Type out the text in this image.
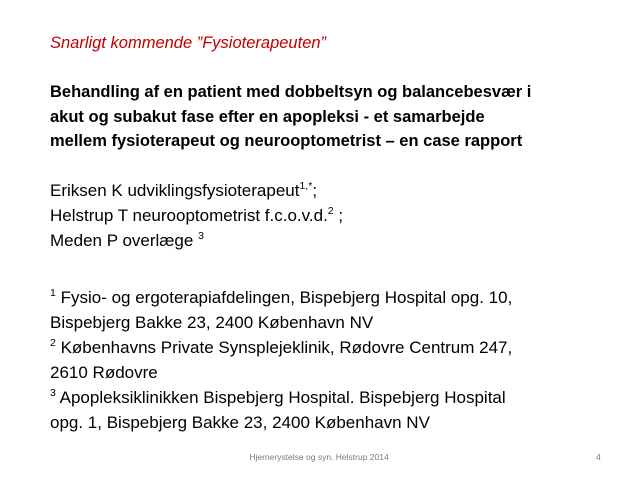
Snarligt kommende ”Fysioterapeuten”
Behandling af en patient med dobbeltsyn og balancebesvær i
akut og subakut fase efter en apopleksi - et samarbejde
mellem fysioterapeut og neurooptometrist – en case rapport
Eriksen K udviklingsfysioterapeut$^{1,*}$;
Helstrup T neurooptometrist f.c.o.v.d.$^2$ ;
Meden P overlæge $^3$
$^1$ Fysio- og ergoterapiafdelingen, Bispebjerg Hospital opg. 10,
Bispebjerg Bakke 23, 2400 København NV
$^2$ Københavns Private Synsplejeklinik, Rødovre Centrum 247,
2610 Rødovre
$^3$ Apopleksiklinikken Bispebjerg Hospital. Bispebjerg Hospital
opg. 1, Bispebjerg Bakke 23, 2400 København NV
Hjernerystelse og syn. Helstrup 2014	4
